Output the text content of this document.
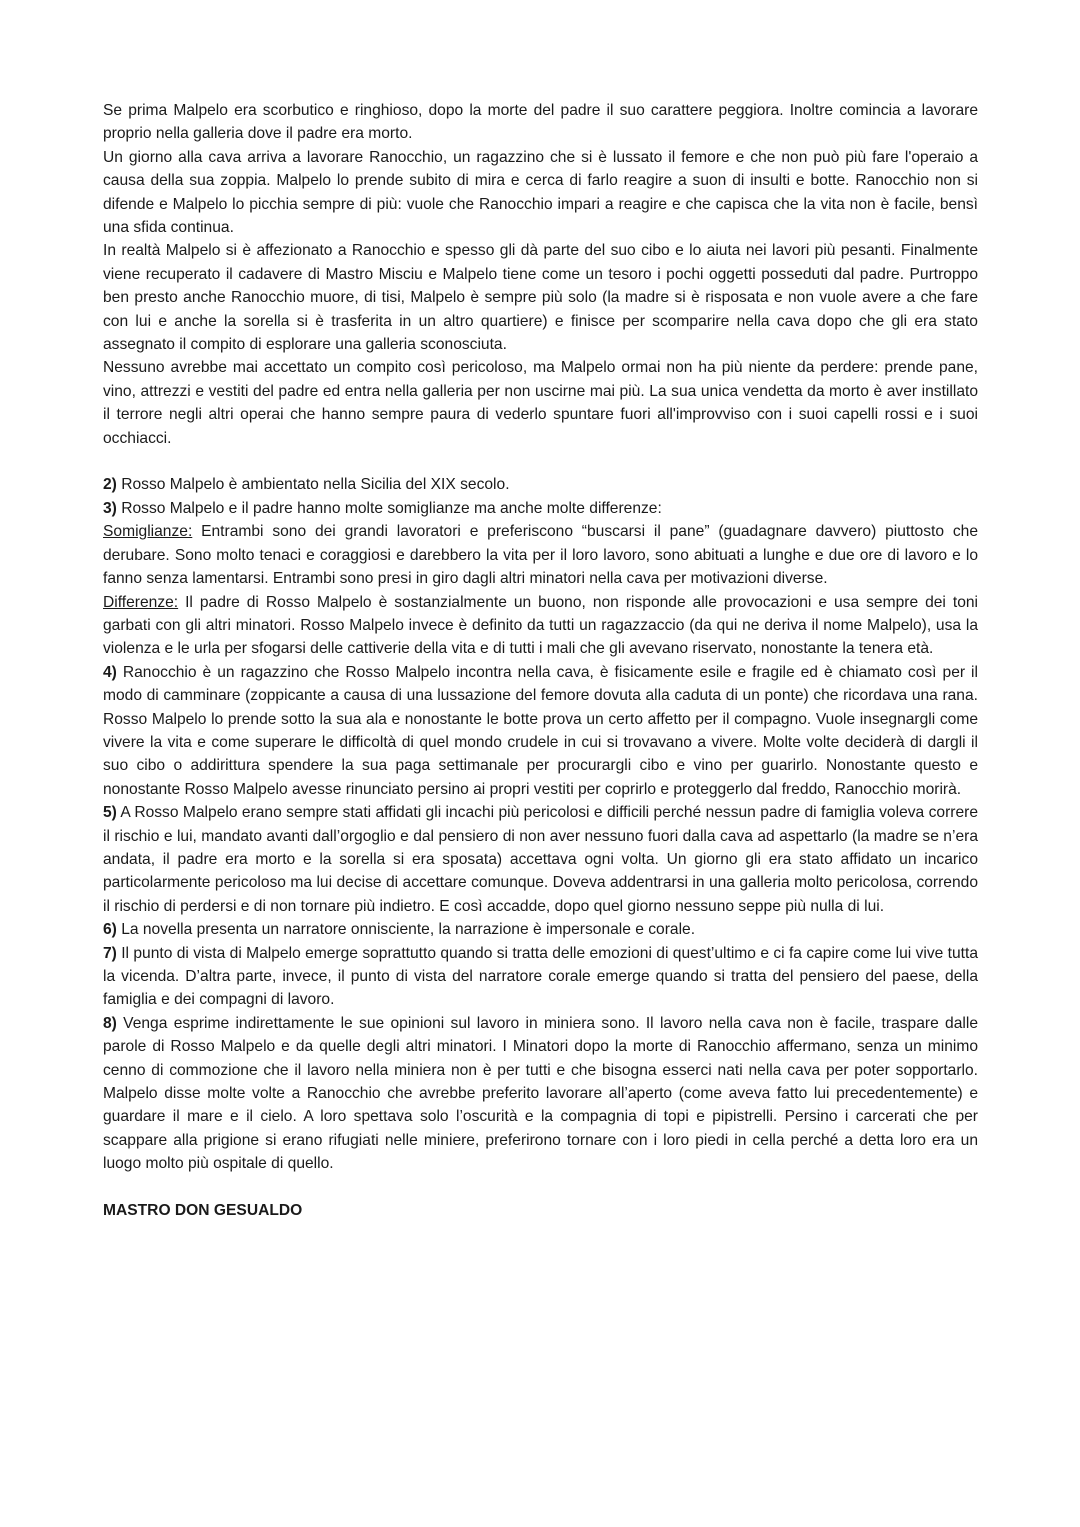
Se prima Malpelo era scorbutico e ringhioso, dopo la morte del padre il suo carattere peggiora. Inoltre comincia a lavorare proprio nella galleria dove il padre era morto.

Un giorno alla cava arriva a lavorare Ranocchio, un ragazzino che si è lussato il femore e che non può più fare l'operaio a causa della sua zoppia. Malpelo lo prende subito di mira e cerca di farlo reagire a suon di insulti e botte. Ranocchio non si difende e Malpelo lo picchia sempre di più: vuole che Ranocchio impari a reagire e che capisca che la vita non è facile, bensì una sfida continua.

In realtà Malpelo si è affezionato a Ranocchio e spesso gli dà parte del suo cibo e lo aiuta nei lavori più pesanti. Finalmente viene recuperato il cadavere di Mastro Misciu e Malpelo tiene come un tesoro i pochi oggetti posseduti dal padre. Purtroppo ben presto anche Ranocchio muore, di tisi, Malpelo è sempre più solo (la madre si è risposata e non vuole avere a che fare con lui e anche la sorella si è trasferita in un altro quartiere) e finisce per scomparire nella cava dopo che gli era stato assegnato il compito di esplorare una galleria sconosciuta.

Nessuno avrebbe mai accettato un compito così pericoloso, ma Malpelo ormai non ha più niente da perdere: prende pane, vino, attrezzi e vestiti del padre ed entra nella galleria per non uscirne mai più. La sua unica vendetta da morto è aver instillato il terrore negli altri operai che hanno sempre paura di vederlo spuntare fuori all'improvviso con i suoi capelli rossi e i suoi occhiacci.

2) Rosso Malpelo è ambientato nella Sicilia del XIX secolo.

3) Rosso Malpelo e il padre hanno molte somiglianze ma anche molte differenze:

Somiglianze: Entrambi sono dei grandi lavoratori e preferiscono “buscarsi il pane” (guadagnare davvero) piuttosto che derubare. Sono molto tenaci e coraggiosi e darebbero la vita per il loro lavoro, sono abituati a lunghe e due ore di lavoro e lo fanno senza lamentarsi. Entrambi sono presi in giro dagli altri minatori nella cava per motivazioni diverse.

Differenze: Il padre di Rosso Malpelo è sostanzialmente un buono, non risponde alle provocazioni e usa sempre dei toni garbati con gli altri minatori. Rosso Malpelo invece è definito da tutti un ragazzaccio (da qui ne deriva il nome Malpelo), usa la violenza e le urla per sfogarsi delle cattiverie della vita e di tutti i mali che gli avevano riservato, nonostante la tenera età.

4) Ranocchio è un ragazzino che Rosso Malpelo incontra nella cava, è fisicamente esile e fragile ed è chiamato così per il modo di camminare (zoppicante a causa di una lussazione del femore dovuta alla caduta di un ponte) che ricordava una rana. Rosso Malpelo lo prende sotto la sua ala e nonostante le botte prova un certo affetto per il compagno. Vuole insegnargli come vivere la vita e come superare le difficoltà di quel mondo crudele in cui si trovavano a vivere. Molte volte deciderà di dargli il suo cibo o addirittura spendere la sua paga settimanale per procurargli cibo e vino per guarirlo. Nonostante questo e nonostante Rosso Malpelo avesse rinunciato persino ai propri vestiti per coprirlo e proteggerlo dal freddo, Ranocchio morirà.

5) A Rosso Malpelo erano sempre stati affidati gli incachi più pericolosi e difficili perché nessun padre di famiglia voleva correre il rischio e lui, mandato avanti dall’orgoglio e dal pensiero di non aver nessuno fuori dalla cava ad aspettarlo (la madre se n’era andata, il padre era morto e la sorella si era sposata) accettava ogni volta. Un giorno gli era stato affidato un incarico particolarmente pericoloso ma lui decise di accettare comunque. Doveva addentrarsi in una galleria molto pericolosa, correndo il rischio di perdersi e di non tornare più indietro. E così accadde, dopo quel giorno nessuno seppe più nulla di lui.

6) La novella presenta un narratore onnisciente, la narrazione è impersonale e corale.

7) Il punto di vista di Malpelo emerge soprattutto quando si tratta delle emozioni di quest’ultimo e ci fa capire come lui vive tutta la vicenda. D’altra parte, invece, il punto di vista del narratore corale emerge quando si tratta del pensiero del paese, della famiglia e dei compagni di lavoro.

8) Venga esprime indirettamente le sue opinioni sul lavoro in miniera sono. Il lavoro nella cava non è facile, traspare dalle parole di Rosso Malpelo e da quelle degli altri minatori. I Minatori dopo la morte di Ranocchio affermano, senza un minimo cenno di commozione che il lavoro nella miniera non è per tutti e che bisogna esserci nati nella cava per poter sopportarlo. Malpelo disse molte volte a Ranocchio che avrebbe preferito lavorare all’aperto (come aveva fatto lui precedentemente) e guardare il mare e il cielo. A loro spettava solo l’oscurità e la compagnia di topi e pipistrelli. Persino i carcerati che per scappare alla prigione si erano rifugiati nelle miniere, preferirono tornare con i loro piedi in cella perché a detta loro era un luogo molto più ospitale di quello.

MASTRO DON GESUALDO
